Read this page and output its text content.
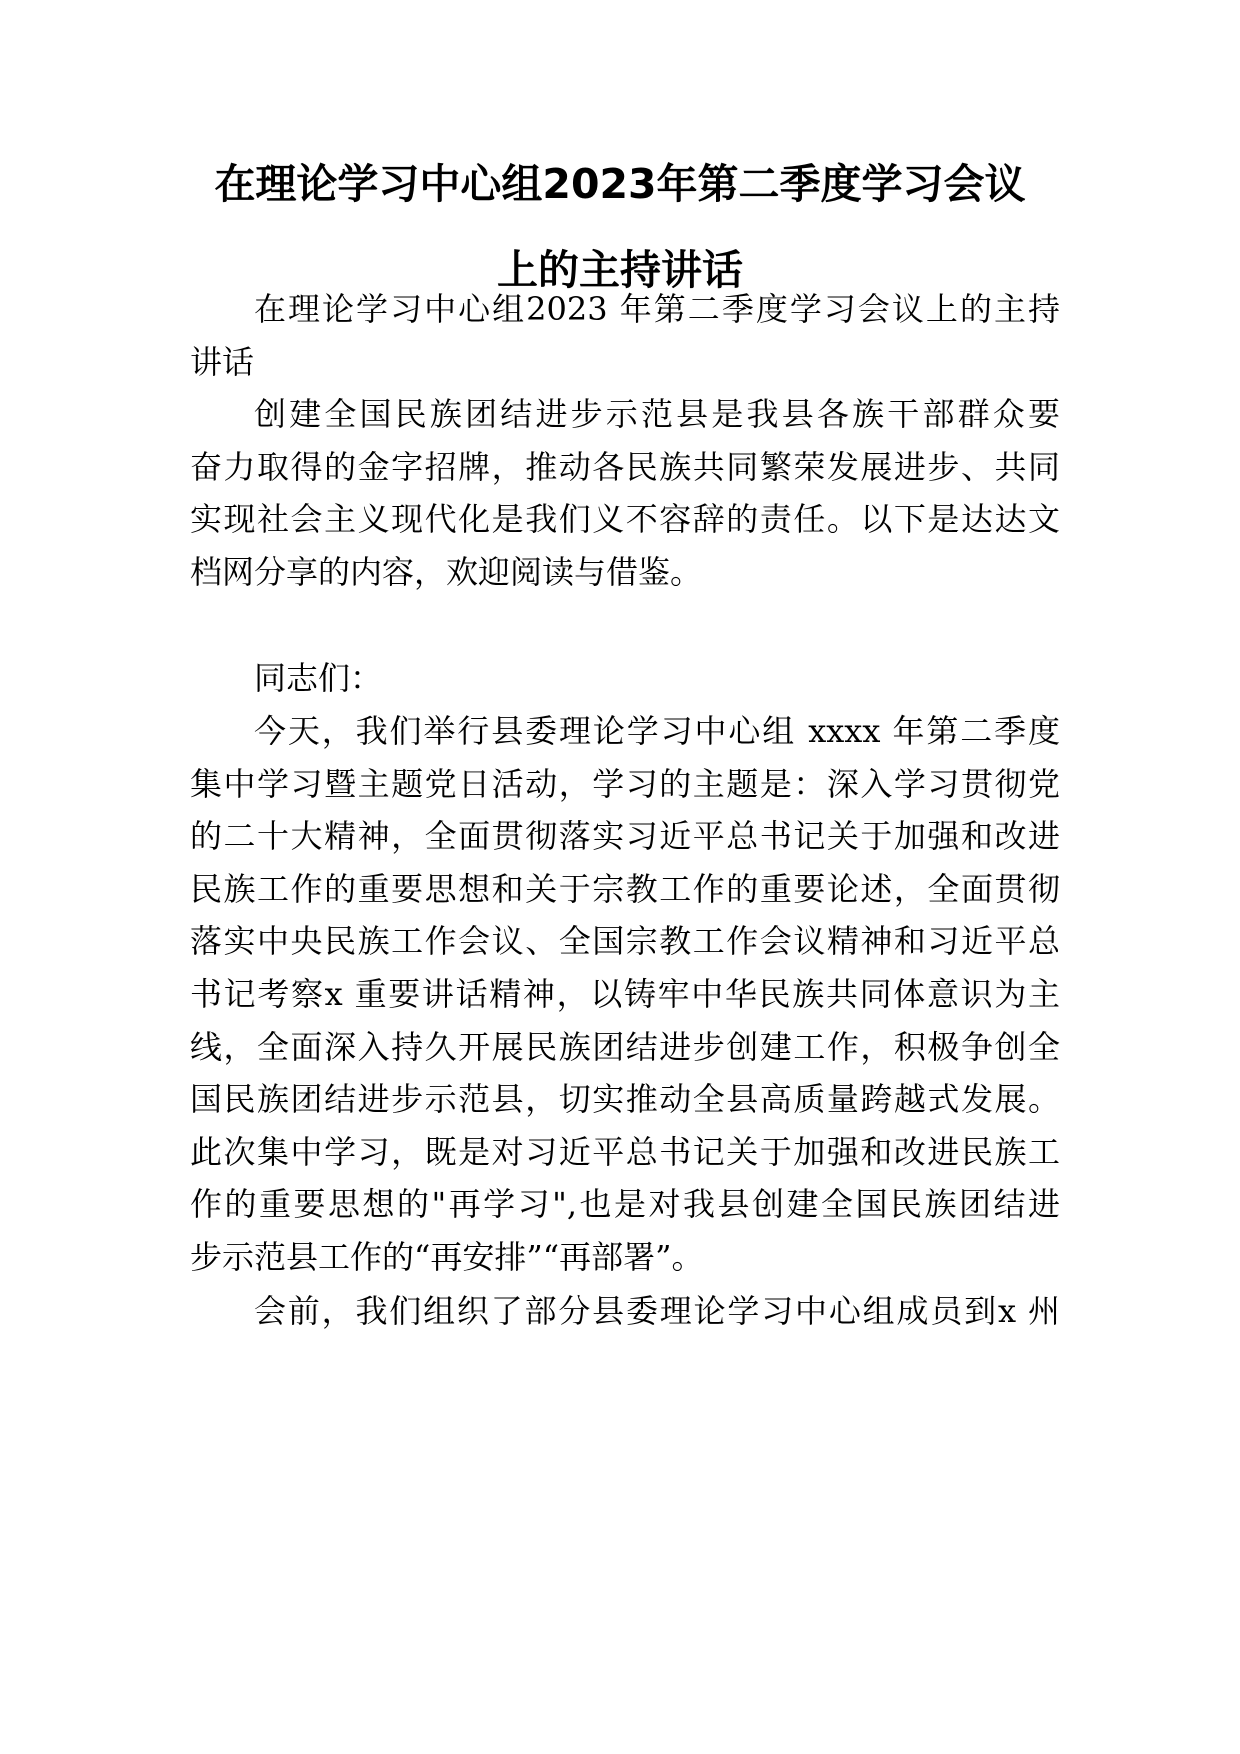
在理论学习中心组2023年第二季度学习会议
上的主持讲话
在理论学习中心组2023 年第二季度学习会议上的主持
讲话
创建全国民族团结进步示范县是我县各族干部群众要
奋力取得的金字招牌，推动各民族共同繁荣发展进步、共同
实现社会主义现代化是我们义不容辞的责任。以下是达达文
档网分享的内容，欢迎阅读与借鉴。
同志们：
今天，我们举行县委理论学习中心组 xxxx 年第二季度
集中学习暨主题党日活动，学习的主题是：深入学习贯彻党
的二十大精神，全面贯彻落实习近平总书记关于加强和改进
民族工作的重要思想和关于宗教工作的重要论述，全面贯彻
落实中央民族工作会议、全国宗教工作会议精神和习近平总
书记考察x 重要讲话精神，以铸牢中华民族共同体意识为主
线，全面深入持久开展民族团结进步创建工作，积极争创全
国民族团结进步示范县，切实推动全县高质量跨越式发展。
此次集中学习，既是对习近平总书记关于加强和改进民族工
作的重要思想的"再学习",也是对我县创建全国民族团结进
步示范县工作的“再安排”“再部署”。
会前，我们组织了部分县委理论学习中心组成员到x 州
